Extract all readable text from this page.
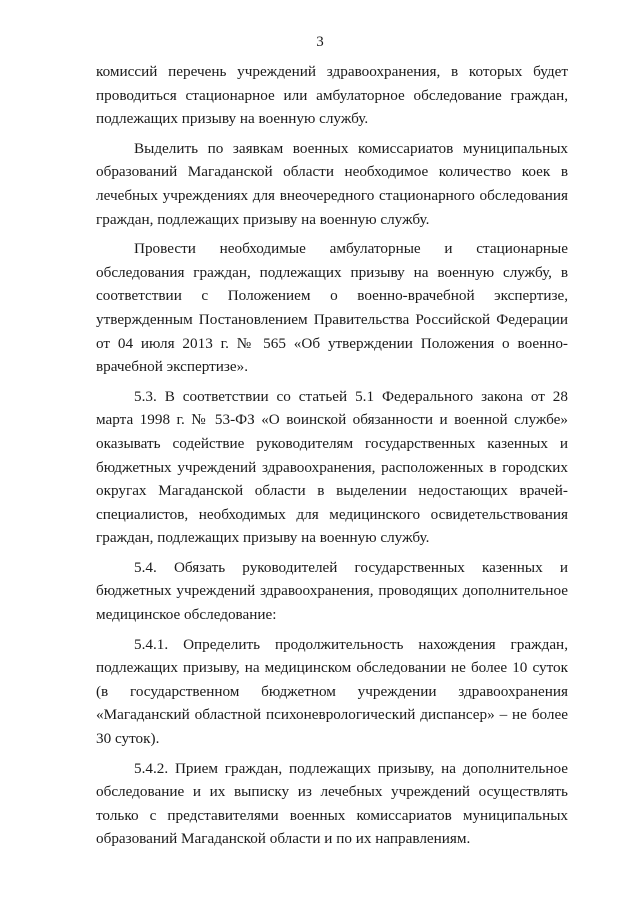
3

комиссий перечень учреждений здравоохранения, в которых будет проводиться стационарное или амбулаторное обследование граждан, подлежащих призыву на военную службу.

Выделить по заявкам военных комиссариатов муниципальных образований Магаданской области необходимое количество коек в лечебных учреждениях для внеочередного стационарного обследования граждан, подлежащих призыву на военную службу.

Провести необходимые амбулаторные и стационарные обследования граждан, подлежащих призыву на военную службу, в соответствии с Положением о военно-врачебной экспертизе, утвержденным Постановлением Правительства Российской Федерации от 04 июля 2013 г. № 565 «Об утверждении Положения о военно-врачебной экспертизе».

5.3. В соответствии со статьей 5.1 Федерального закона от 28 марта 1998 г. № 53-ФЗ «О воинской обязанности и военной службе» оказывать содействие руководителям государственных казенных и бюджетных учреждений здравоохранения, расположенных в городских округах Магаданской области в выделении недостающих врачей-специалистов, необходимых для медицинского освидетельствования граждан, подлежащих призыву на военную службу.

5.4. Обязать руководителей государственных казенных и бюджетных учреждений здравоохранения, проводящих дополнительное медицинское обследование:

5.4.1. Определить продолжительность нахождения граждан, подлежащих призыву, на медицинском обследовании не более 10 суток (в государственном бюджетном учреждении здравоохранения «Магаданский областной психоневрологический диспансер» – не более 30 суток).

5.4.2. Прием граждан, подлежащих призыву, на дополнительное обследование и их выписку из лечебных учреждений осуществлять только с представителями военных комиссариатов муниципальных образований Магаданской области и по их направлениям.
